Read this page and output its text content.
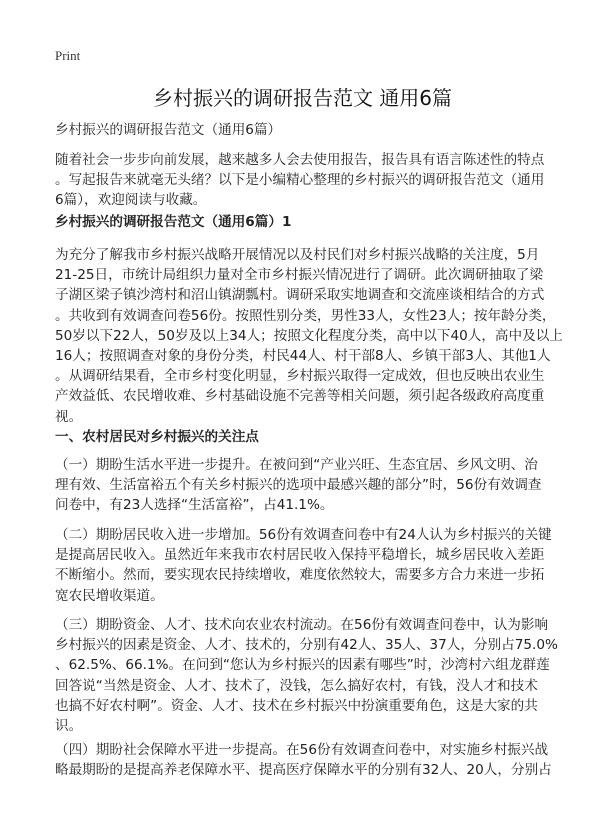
Print
乡村振兴的调研报告范文 通用6篇
乡村振兴的调研报告范文（通用6篇）
随着社会一步步向前发展，越来越多人会去使用报告，报告具有语言陈述性的特点
。写起报告来就毫无头绪？以下是小编精心整理的乡村振兴的调研报告范文（通用
6篇），欢迎阅读与收藏。
乡村振兴的调研报告范文（通用6篇）1
为充分了解我市乡村振兴战略开展情况以及村民们对乡村振兴战略的关注度，5月
21-25日，市统计局组织力量对全市乡村振兴情况进行了调研。此次调研抽取了梁
子湖区梁子镇沙湾村和沼山镇湖瓢村。调研采取实地调查和交流座谈相结合的方式
。共收到有效调查问卷56份。按照性别分类，男性33人，女性23人；按年龄分类，
50岁以下22人，50岁及以上34人；按照文化程度分类，高中以下40人，高中及以上
16人；按照调查对象的身份分类，村民44人、村干部8人、乡镇干部3人、其他1人
。从调研结果看，全市乡村变化明显，乡村振兴取得一定成效，但也反映出农业生
产效益低、农民增收难、乡村基础设施不完善等相关问题，须引起各级政府高度重
视。
一、农村居民对乡村振兴的关注点
（一）期盼生活水平进一步提升。在被问到“产业兴旺、生态宜居、乡风文明、治
理有效、生活富裕五个有关乡村振兴的选项中最感兴趣的部分”时，56份有效调查
问卷中，有23人选择“生活富裕”，占41.1%。
（二）期盼居民收入进一步增加。56份有效调查问卷中有24人认为乡村振兴的关键
是提高居民收入。虽然近年来我市农村居民收入保持平稳增长，城乡居民收入差距
不断缩小。然而，要实现农民持续增收，难度依然较大，需要多方合力来进一步拓
宽农民增收渠道。
（三）期盼资金、人才、技术向农业农村流动。在56份有效调查问卷中，认为影响
乡村振兴的因素是资金、人才、技术的，分别有42人、35人、37人，分别占75.0%
、62.5%、66.1%。在问到“您认为乡村振兴的因素有哪些”时，沙湾村六组龙群莲
回答说“当然是资金、人才、技术了，没钱，怎么搞好农村，有钱，没人才和技术
也搞不好农村啊”。资金、人才、技术在乡村振兴中扮演重要角色，这是大家的共
识。
（四）期盼社会保障水平进一步提高。在56份有效调查问卷中，对实施乡村振兴战
略最期盼的是提高养老保障水平、提高医疗保障水平的分别有32人、20人，分别占
